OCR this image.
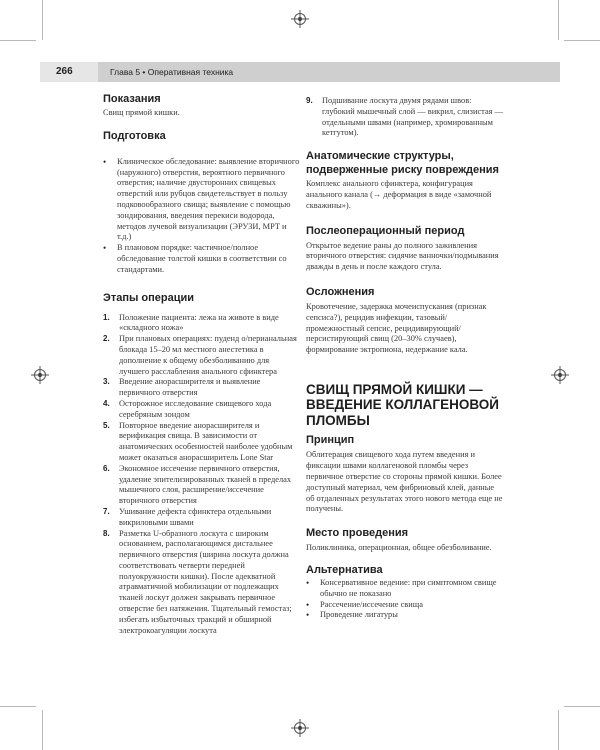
266	Глава 5 • Оперативная техника
Показания

Свищ прямой кишки.

Подготовка
• Клиническое обследование: выявление вторичного (наружного) отверстия, вероятного первичного отверстия; наличие двусторонних свищевых отверстий или рубцов свидетельствует в пользу подковообразного свища; выявление с помощью зондирования, введения перекиси водорода, методов лучевой визуализации (ЭРУЗИ, МРТ и т.д.)
• В плановом порядке: частичное/полное обследование толстой кишки в соответствии со стандартами.
Этапы операции
1. Положение пациента: лежа на животе в виде «складного ножа»
2. При плановых операциях: пуденд o/перианальная блокада 15–20 мл местного анестетика в дополнение к общему обезболиванию для лучшего расслабления анального сфинктера
3. Введение анорасширителя и выявление первичного отверстия
4. Осторожное исследование свищевого хода серебряным зондом
5. Повторное введение анорасширителя и верификация свища. В зависимости от анатомических особенностей наиболее удобным может оказаться анорасширитель Lone Star
6. Экономное иссечение первичного отверстия, удаление эпителизированных тканей в пределах мышечного слоя, расширение/иссечение вторичного отверстия
7. Ушивание дефекта сфинктера отдельными викриловыми швами
8. Разметка U-образного лоскута с широким основанием, располагающимся дистальнее первичного отверстия (ширина лоскута должна соответствовать четверти передней полуокружности кишки). После адекватной атравматичной мобилизации от подлежащих тканей лоскут должен закрывать первичное отверстие без натяжения. Тщательный гемостаз; избегать избыточных тракций и обширной электрокоагуляции лоскута
9. Подшивание лоскута двумя рядами швов: глубокий мышечный слой — викрил, слизистая — отдельными швами (например, хромированным кетгутом).
Анатомические структуры, подверженные риску повреждения

Комплекс анального сфинктера, конфигурация анального канала (→ деформация в виде «замочной скважины»).

Послеоперационный период

Открытое ведение раны до полного заживления вторичного отверстия: сидячие ванночки/подмывания дважды в день и после каждого стула.

Осложнения

Кровотечение, задержка мочеиспускания (признак сепсиса?), рецидив инфекции, тазовый/промежностный сепсис, рецидивирующий/персистирующий свищ (20–30% случаев), формирование эктропиона, недержание кала.

СВИЩ ПРЯМОЙ КИШКИ — ВВЕДЕНИЕ КОЛЛАГЕНОВОЙ ПЛОМБЫ
Принцип

Облитерация свищевого хода путем введения и фиксации швами коллагеновой пломбы через первичное отверстие со стороны прямой кишки. Более доступный материал, чем фибриновый клей, данные об отдаленных результатах этого нового метода еще не получены.

Место проведения

Поликлиника, операционная, общее обезболивание.

Альтернатива
• Консервативное ведение: при симптомном свище обычно не показано
• Рассечение/иссечение свища
• Проведение лигатуры
